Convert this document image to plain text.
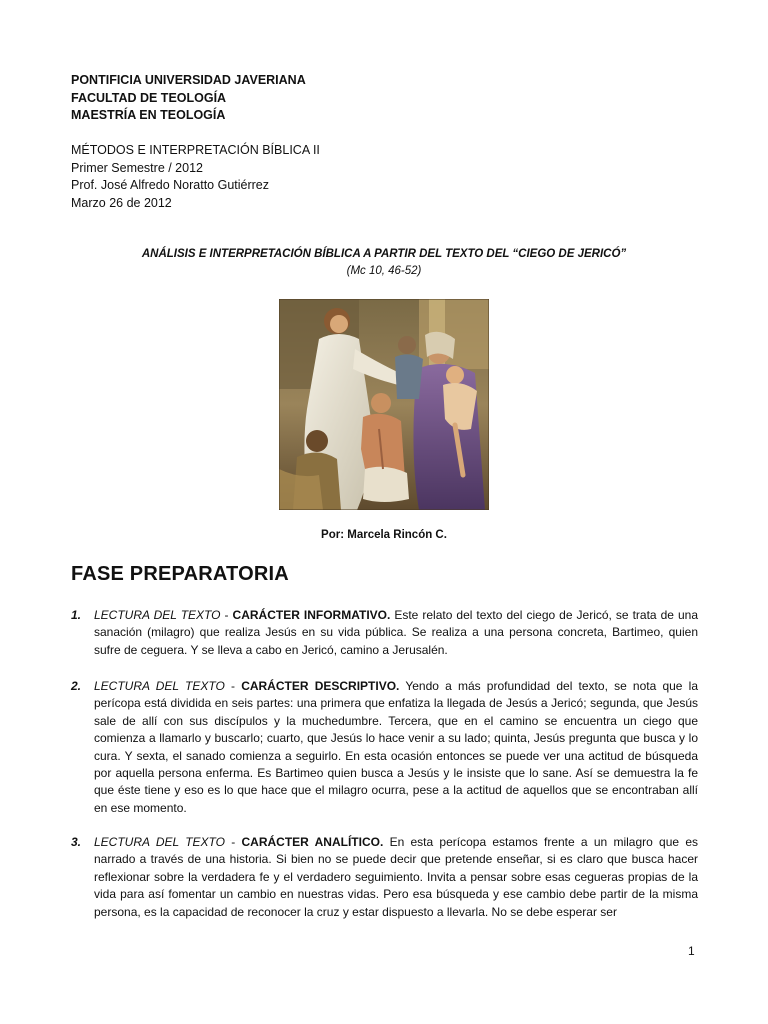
PONTIFICIA UNIVERSIDAD JAVERIANA
FACULTAD DE TEOLOGÍA
MAESTRÍA EN TEOLOGÍA
MÉTODOS E INTERPRETACIÓN BÍBLICA II
Primer Semestre / 2012
Prof. José Alfredo Noratto Gutiérrez
Marzo 26 de 2012
ANÁLISIS E INTERPRETACIÓN BÍBLICA A PARTIR DEL TEXTO DEL “CIEGO DE JERICÓ”
(Mc 10, 46-52)
Por: Marcela Rincón C.
FASE PREPARATORIA
1. LECTURA DEL TEXTO - CARÁCTER INFORMATIVO. Este relato del texto del ciego de Jericó, se trata de una sanación (milagro) que realiza Jesús en su vida pública. Se realiza a una persona concreta, Bartimeo, quien sufre de ceguera. Y se lleva a cabo en Jericó, camino a Jerusalén.
2. LECTURA DEL TEXTO - CARÁCTER DESCRIPTIVO. Yendo a más profundidad del texto, se nota que la perícopa está dividida en seis partes: una primera que enfatiza la llegada de Jesús a Jericó; segunda, que Jesús sale de allí con sus discípulos y la muchedumbre. Tercera, que en el camino se encuentra un ciego que comienza a llamarlo y buscarlo; cuarto, que Jesús lo hace venir a su lado; quinta, Jesús pregunta que busca y lo cura. Y sexta, el sanado comienza a seguirlo. En esta ocasión entonces se puede ver una actitud de búsqueda por aquella persona enferma. Es Bartimeo quien busca a Jesús y le insiste que lo sane. Así se demuestra la fe que éste tiene y eso es lo que hace que el milagro ocurra, pese a la actitud de aquellos que se encontraban allí en ese momento.
3. LECTURA DEL TEXTO - CARÁCTER ANALÍTICO. En esta perícopa estamos frente a un milagro que es narrado a través de una historia. Si bien no se puede decir que pretende enseñar, si es claro que busca hacer reflexionar sobre la verdadera fe y el verdadero seguimiento. Invita a pensar sobre esas cegueras propias de la vida para así fomentar un cambio en nuestras vidas. Pero esa búsqueda y ese cambio debe partir de la misma persona, es la capacidad de reconocer la cruz y estar dispuesto a llevarla. No se debe esperar ser
1
